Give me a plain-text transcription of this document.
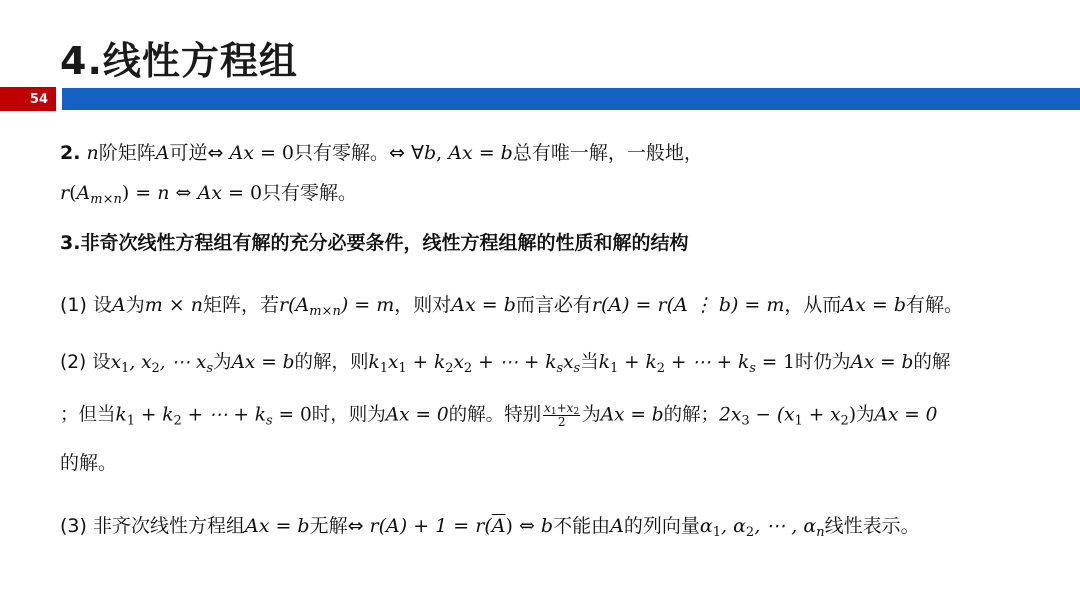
4.线性方程组
54
2. n阶矩阵A可逆⇔ Ax = 0只有零解。⇔ ∀b, Ax = b总有唯一解，一般地，
$r(A_{m\times n}) = n$ ⇔ Ax = 0只有零解。
3.非奇次线性方程组有解的充分必要条件，线性方程组解的性质和解的结构
(1) 设A为m × n矩阵，若$r(A_{m\times n}) = m$，则对Ax = b而言必有r(A) = r(A ⋮ b) = m，从而Ax = b有解。
(2) 设$x_1$, $x_2$, ⋯ $x_s$为Ax = b的解，则$k_1x_1 + k_2x_2$ + ⋯ + $k_sx_s$当$k_1 + k_2$ + ⋯ + $k_s = 1$时仍为Ax = b的解
；但当$k_1 + k_2$ + ⋯ + $k_s = 0$时，则为Ax = 0的解。特别 $\frac{x_1+x_2}{2}$ 为Ax = b的解；$2x_3 - (x_1 + x_2)$为Ax = 0
的解。
(3) 非齐次线性方程组Ax = b无解⇔ $r(A) + 1 = r(\overline{A})$ ⇔ b不能由A的列向量$\alpha_1$, $\alpha_2$, ⋯ , $\alpha_n$线性表示。
